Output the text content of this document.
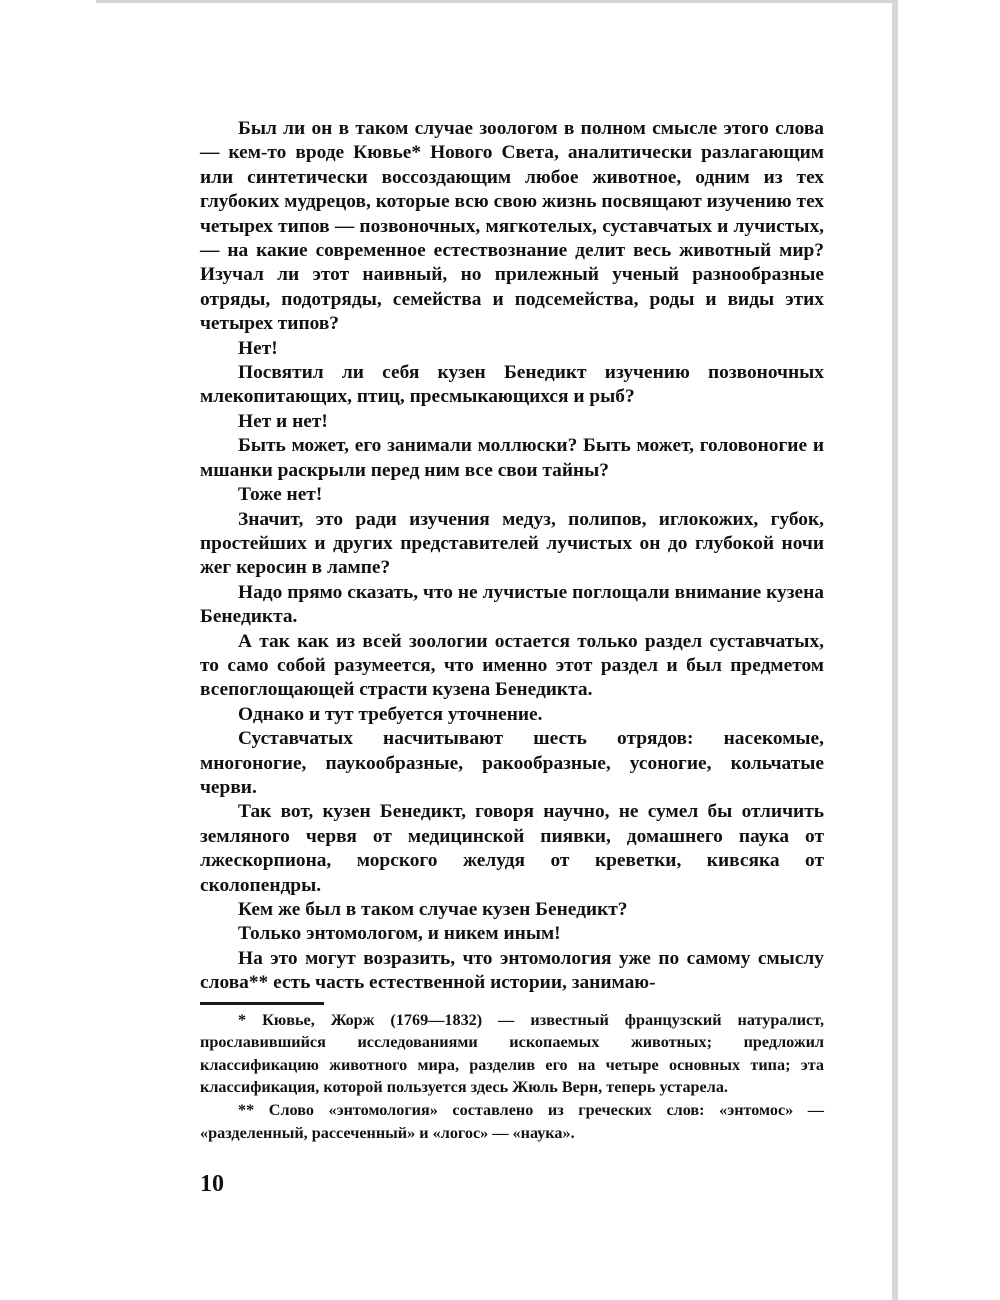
Был ли он в таком случае зоологом в полном смысле этого слова — кем-то вроде Кювье* Нового Света, аналитически разлагающим или синтетически воссоздающим любое животное, одним из тех глубоких мудрецов, которые всю свою жизнь посвящают изучению тех четырех типов — позвоночных, мягкотелых, суставчатых и лучистых, — на какие современное естествознание делит весь животный мир? Изучал ли этот наивный, но прилежный ученый разнообразные отряды, подотряды, семейства и подсемейства, роды и виды этих четырех типов?

Нет!

Посвятил ли себя кузен Бенедикт изучению позвоночных млекопитающих, птиц, пресмыкающихся и рыб?

Нет и нет!

Быть может, его занимали моллюски? Быть может, головоногие и мшанки раскрыли перед ним все свои тайны?

Тоже нет!

Значит, это ради изучения медуз, полипов, иглокожих, губок, простейших и других представителей лучистых он до глубокой ночи жег керосин в лампе?

Надо прямо сказать, что не лучистые поглощали внимание кузена Бенедикта.

А так как из всей зоологии остается только раздел суставчатых, то само собой разумеется, что именно этот раздел и был предметом всепоглощающей страсти кузена Бенедикта.

Однако и тут требуется уточнение.

Суставчатых насчитывают шесть отрядов: насекомые, многоногие, паукообразные, ракообразные, усоногие, кольчатые черви.

Так вот, кузен Бенедикт, говоря научно, не сумел бы отличить земляного червя от медицинской пиявки, домашнего паука от лжескорпиона, морского желудя от креветки, кивсяка от сколопендры.

Кем же был в таком случае кузен Бенедикт?

Только энтомологом, и никем иным!

На это могут возразить, что энтомология уже по самому смыслу слова** есть часть естественной истории, занимаю-

* Кювье, Жорж (1769—1832) — известный французский натуралист, прославившийся исследованиями ископаемых животных; предложил классификацию животного мира, разделив его на четыре основных типа; эта классификация, которой пользуется здесь Жюль Верн, теперь устарела.

** Слово «энтомология» составлено из греческих слов: «энтомос» — «разделенный, рассеченный» и «логос» — «наука».

10
